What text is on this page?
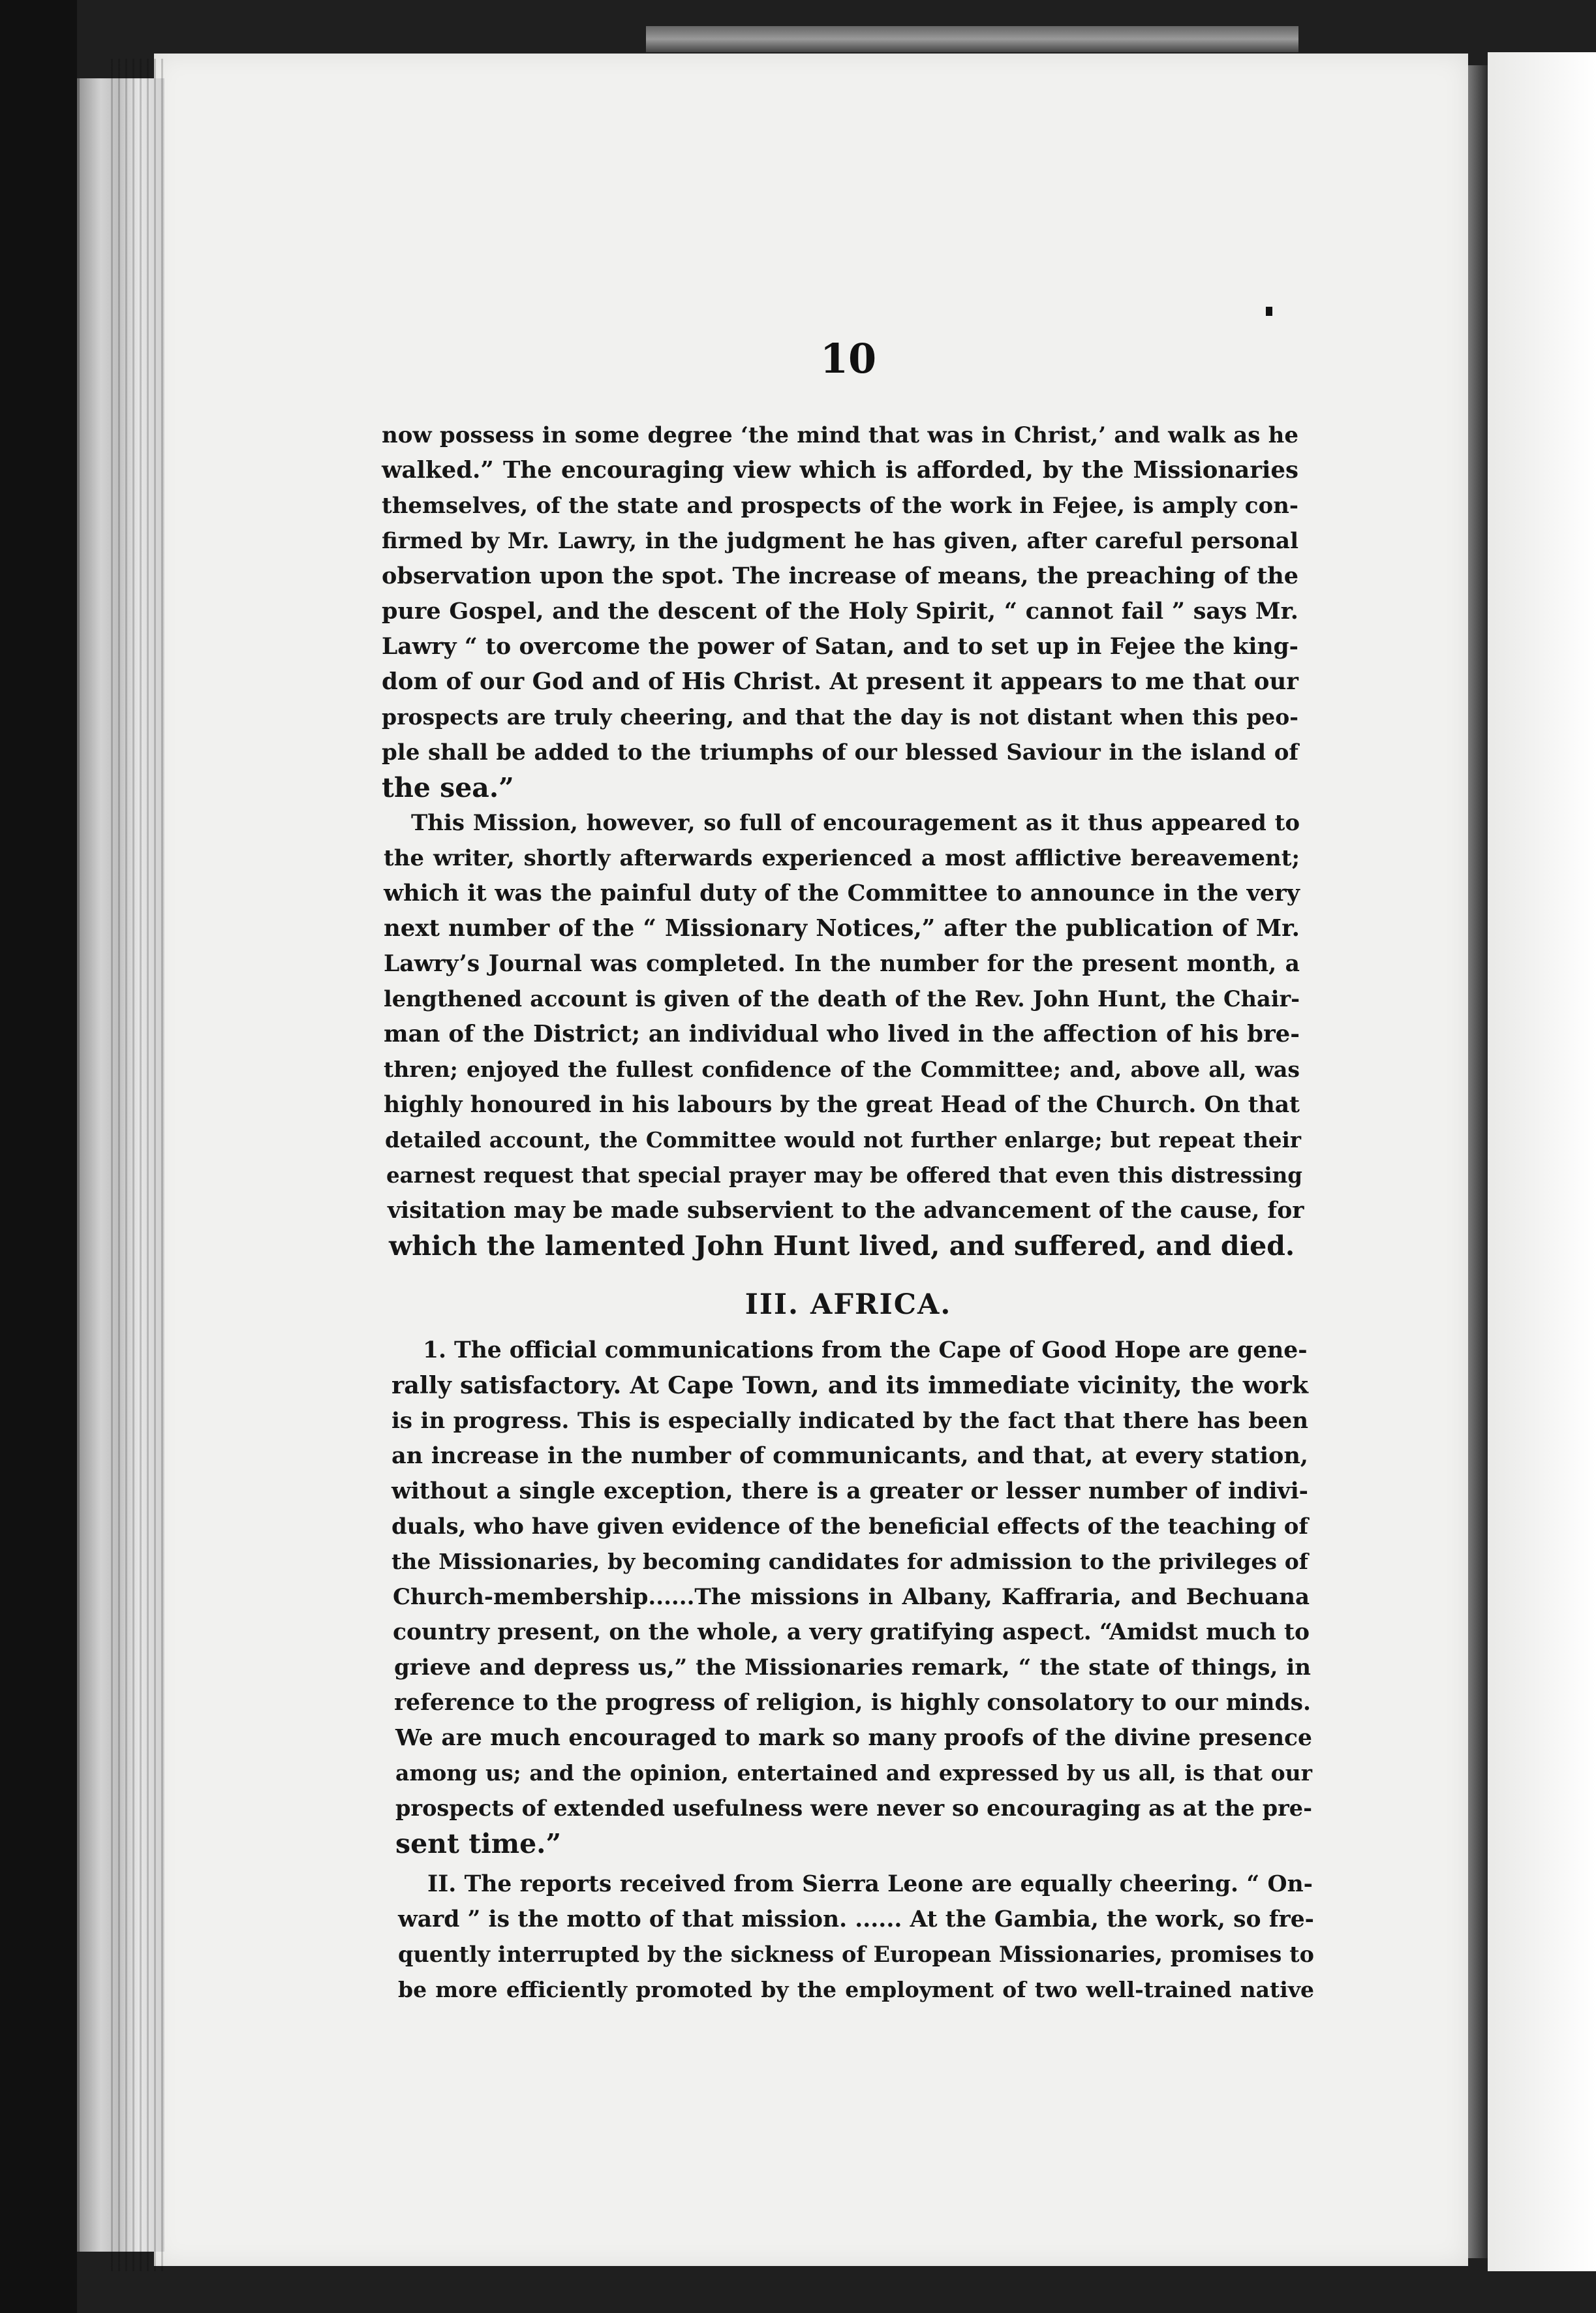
10
now possess in some degree ‘the mind that was in Christ,’ and walk as he
walked.” The encouraging view which is afforded, by the Missionaries
themselves, of the state and prospects of the work in Fejee, is amply con-
firmed by Mr. Lawry, in the judgment he has given, after careful personal
observation upon the spot. The increase of means, the preaching of the
pure Gospel, and the descent of the Holy Spirit, “ cannot fail ” says Mr.
Lawry “ to overcome the power of Satan, and to set up in Fejee the king-
dom of our God and of His Christ. At present it appears to me that our
prospects are truly cheering, and that the day is not distant when this peo-
ple shall be added to the triumphs of our blessed Saviour in the island of
the sea.”
This Mission, however, so full of encouragement as it thus appeared to
the writer, shortly afterwards experienced a most afflictive bereavement;
which it was the painful duty of the Committee to announce in the very
next number of the “ Missionary Notices,” after the publication of Mr.
Lawry’s Journal was completed. In the number for the present month, a
lengthened account is given of the death of the Rev. John Hunt, the Chair-
man of the District; an individual who lived in the affection of his bre-
thren; enjoyed the fullest confidence of the Committee; and, above all, was
highly honoured in his labours by the great Head of the Church. On that
detailed account, the Committee would not further enlarge; but repeat their
earnest request that special prayer may be offered that even this distressing
visitation may be made subservient to the advancement of the cause, for
which the lamented John Hunt lived, and suffered, and died.
III. AFRICA.
1. The official communications from the Cape of Good Hope are gene-
rally satisfactory. At Cape Town, and its immediate vicinity, the work
is in progress. This is especially indicated by the fact that there has been
an increase in the number of communicants, and that, at every station,
without a single exception, there is a greater or lesser number of indivi-
duals, who have given evidence of the beneficial effects of the teaching of
the Missionaries, by becoming candidates for admission to the privileges of
Church-membership......The missions in Albany, Kaffraria, and Bechuana
country present, on the whole, a very gratifying aspect. “Amidst much to
grieve and depress us,” the Missionaries remark, “ the state of things, in
reference to the progress of religion, is highly consolatory to our minds.
We are much encouraged to mark so many proofs of the divine presence
among us; and the opinion, entertained and expressed by us all, is that our
prospects of extended usefulness were never so encouraging as at the pre-
sent time.”
II. The reports received from Sierra Leone are equally cheering. “ On-
ward ” is the motto of that mission. ...... At the Gambia, the work, so fre-
quently interrupted by the sickness of European Missionaries, promises to
be more efficiently promoted by the employment of two well-trained native
